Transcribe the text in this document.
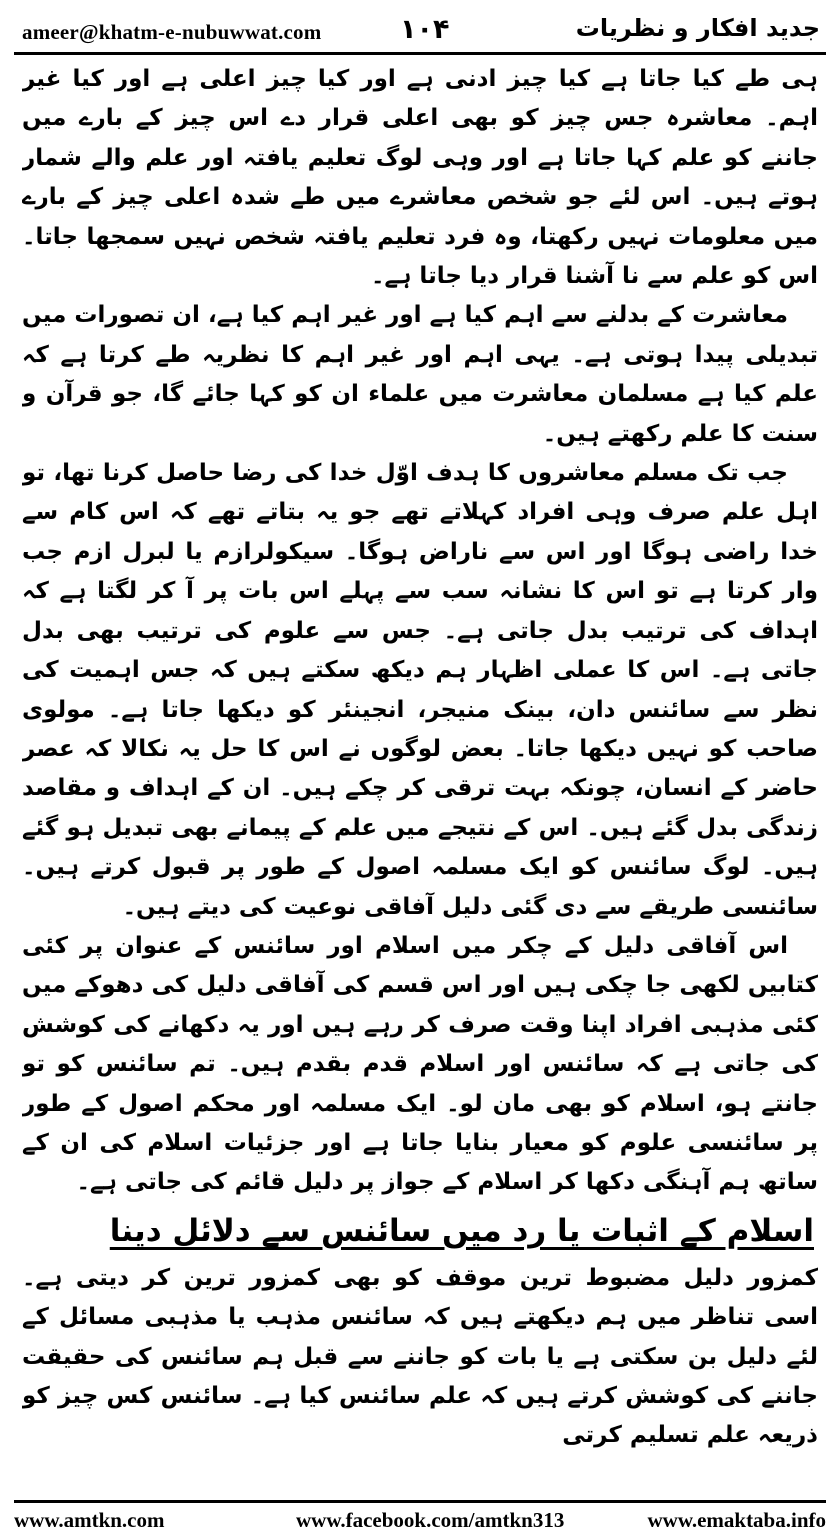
ameer@khatm-e-nubuwwat.com	۱۰۴	جدید افکار و نظریات

ہی طے کیا جاتا ہے کیا چیز ادنی ہے اور کیا چیز اعلی ہے اور کیا غیر اہم۔ معاشرہ جس چیز کو بھی اعلی قرار دے اس چیز کے بارے میں جاننے کو علم کہا جاتا ہے اور وہی لوگ تعلیم یافتہ اور علم والے شمار ہوتے ہیں۔ اس لئے جو شخص معاشرے میں طے شدہ اعلی چیز کے بارے میں معلومات نہیں رکھتا، وہ فرد تعلیم یافتہ شخص نہیں سمجھا جاتا۔ اس کو علم سے نا آشنا قرار دیا جاتا ہے۔

معاشرت کے بدلنے سے اہم کیا ہے اور غیر اہم کیا ہے، ان تصورات میں تبدیلی پیدا ہوتی ہے۔ یہی اہم اور غیر اہم کا نظریہ طے کرتا ہے کہ علم کیا ہے مسلمان معاشرت میں علماء ان کو کہا جائے گا، جو قرآن و سنت کا علم رکھتے ہیں۔

جب تک مسلم معاشروں کا ہدف اوّل خدا کی رضا حاصل کرنا تھا، تو اہل علم صرف وہی افراد کہلاتے تھے جو یہ بتاتے تھے کہ اس کام سے خدا راضی ہوگا اور اس سے ناراض ہوگا۔ سیکولرازم یا لبرل ازم جب وار کرتا ہے تو اس کا نشانہ سب سے پہلے اس بات پر آ کر لگتا ہے کہ اہداف کی ترتیب بدل جاتی ہے۔ جس سے علوم کی ترتیب بھی بدل جاتی ہے۔ اس کا عملی اظہار ہم دیکھ سکتے ہیں کہ جس اہمیت کی نظر سے سائنس دان، بینک منیجر، انجینئر کو دیکھا جاتا ہے۔ مولوی صاحب کو نہیں دیکھا جاتا۔ بعض لوگوں نے اس کا حل یہ نکالا کہ عصر حاضر کے انسان، چونکہ بہت ترقی کر چکے ہیں۔ ان کے اہداف و مقاصد زندگی بدل گئے ہیں۔ اس کے نتیجے میں علم کے پیمانے بھی تبدیل ہو گئے ہیں۔ لوگ سائنس کو ایک مسلمہ اصول کے طور پر قبول کرتے ہیں۔ سائنسی طریقے سے دی گئی دلیل آفاقی نوعیت کی دیتے ہیں۔

اس آفاقی دلیل کے چکر میں اسلام اور سائنس کے عنوان پر کئی کتابیں لکھی جا چکی ہیں اور اس قسم کی آفاقی دلیل کی دھوکے میں کئی مذہبی افراد اپنا وقت صرف کر رہے ہیں اور یہ دکھانے کی کوشش کی جاتی ہے کہ سائنس اور اسلام قدم بقدم ہیں۔ تم سائنس کو تو جانتے ہو، اسلام کو بھی مان لو۔ ایک مسلمہ اور محکم اصول کے طور پر سائنسی علوم کو معیار بنایا جاتا ہے اور جزئیات اسلام کی ان کے ساتھ ہم آہنگی دکھا کر اسلام کے جواز پر دلیل قائم کی جاتی ہے۔

اسلام کے اثبات یا رد میں سائنس سے دلائل دینا

کمزور دلیل مضبوط ترین موقف کو بھی کمزور ترین کر دیتی ہے۔ اسی تناظر میں ہم دیکھتے ہیں کہ سائنس مذہب یا مذہبی مسائل کے لئے دلیل بن سکتی ہے یا بات کو جاننے سے قبل ہم سائنس کی حقیقت جاننے کی کوشش کرتے ہیں کہ علم سائنس کیا ہے۔ سائنس کس چیز کو ذریعہ علم تسلیم کرتی

www.amtkn.com	www.facebook.com/amtkn313	www.emaktaba.info
